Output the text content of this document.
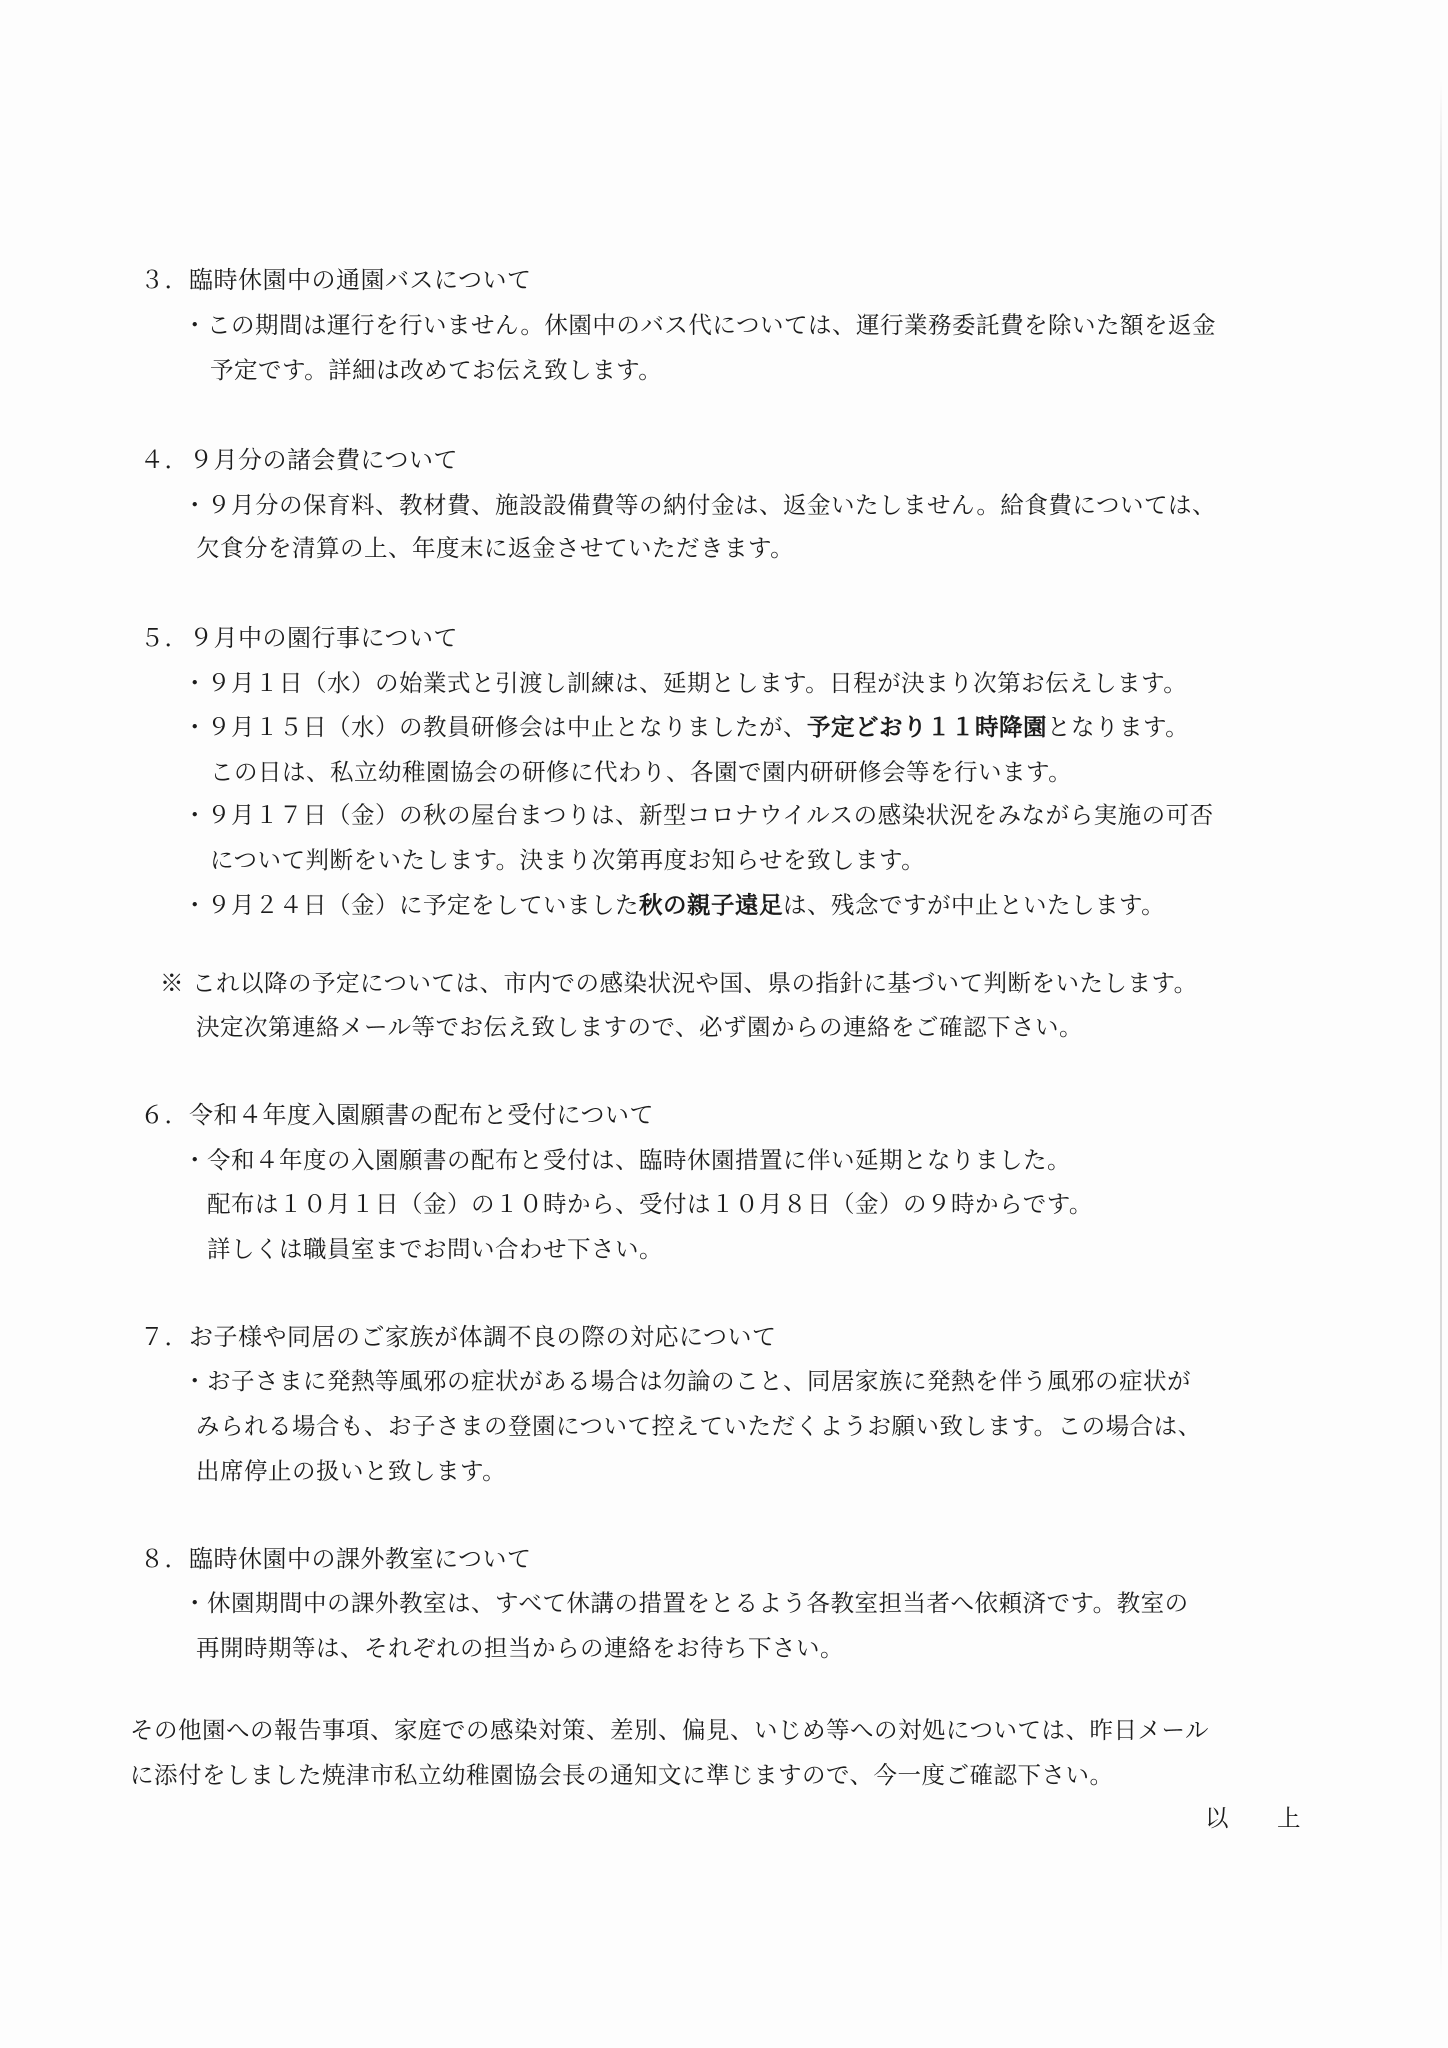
３．臨時休園中の通園バスについて
・この期間は運行を行いません。休園中のバス代については、運行業務委託費を除いた額を返金
予定です。詳細は改めてお伝え致します。
４．９月分の諸会費について
・９月分の保育料、教材費、施設設備費等の納付金は、返金いたしません。給食費については、
欠食分を清算の上、年度末に返金させていただきます。
５．９月中の園行事について
・９月１日（水）の始業式と引渡し訓練は、延期とします。日程が決まり次第お伝えします。
・９月１５日（水）の教員研修会は中止となりましたが、予定どおり１１時降園となります。
この日は、私立幼稚園協会の研修に代わり、各園で園内研研修会等を行います。
・９月１７日（金）の秋の屋台まつりは、新型コロナウイルスの感染状況をみながら実施の可否
について判断をいたします。決まり次第再度お知らせを致します。
・９月２４日（金）に予定をしていました秋の親子遠足は、残念ですが中止といたします。
※ これ以降の予定については、市内での感染状況や国、県の指針に基づいて判断をいたします。
決定次第連絡メール等でお伝え致しますので、必ず園からの連絡をご確認下さい。
６．令和４年度入園願書の配布と受付について
・令和４年度の入園願書の配布と受付は、臨時休園措置に伴い延期となりました。
配布は１０月１日（金）の１０時から、受付は１０月８日（金）の９時からです。
詳しくは職員室までお問い合わせ下さい。
７．お子様や同居のご家族が体調不良の際の対応について
・お子さまに発熱等風邪の症状がある場合は勿論のこと、同居家族に発熱を伴う風邪の症状が
みられる場合も、お子さまの登園について控えていただくようお願い致します。この場合は、
出席停止の扱いと致します。
８．臨時休園中の課外教室について
・休園期間中の課外教室は、すべて休講の措置をとるよう各教室担当者へ依頼済です。教室の
再開時期等は、それぞれの担当からの連絡をお待ち下さい。
その他園への報告事項、家庭での感染対策、差別、偏見、いじめ等への対処については、昨日メール
に添付をしました焼津市私立幼稚園協会長の通知文に準じますので、今一度ご確認下さい。
以　　上
